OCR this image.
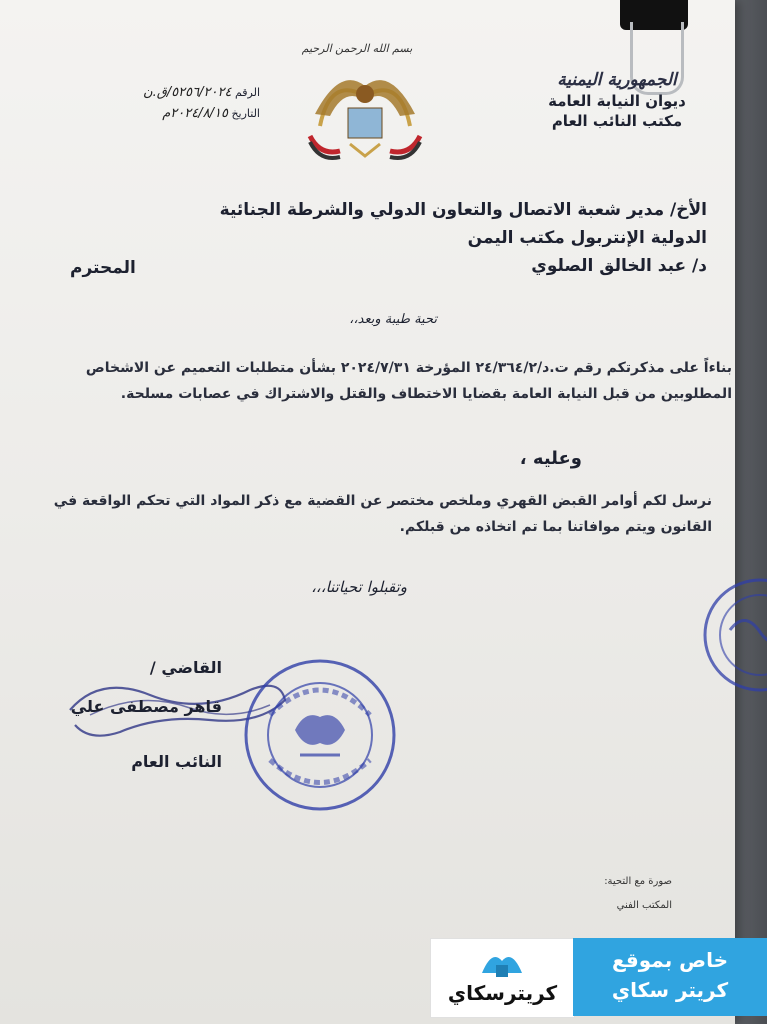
بسم الله الرحمن الرحيم
الجمهورية اليمنية
ديوان النيابة العامة
مكتب النائب العام
الرقم ٥٢٥٦/٢٠٢٤/ق.ن
التاريخ ٢٠٢٤/٨/١٥م
الأخ/ مدير شعبة الاتصال والتعاون الدولي والشرطة الجنائية
الدولية الإنتربول مكتب اليمن
د/ عبد الخالق الصلوي
المحترم
تحية طيبة وبعد،،
بناءاً على مذكرتكم رقم ت.د/٢٤/٣٦٤/٢ المؤرخة ٢٠٢٤/٧/٣١ بشأن متطلبات التعميم عن الاشخاص المطلوبين من قبل النيابة العامة بقضايا الاختطاف والقتل والاشتراك في عصابات مسلحة.
وعليه ،
نرسل لكم أوامر القبض القهري وملخص مختصر عن القضية مع ذكر المواد التي تحكم الواقعة في القانون ويتم موافاتنا بما تم اتخاذه من قبلكم.
وتقبلوا تحياتنا،،،
القاضي /
قاهر مصطفى علي
النائب العام
صورة مع التحية:
المكتب الفني
كريترسكاي
خاص بموقع
كريتر سكاي
